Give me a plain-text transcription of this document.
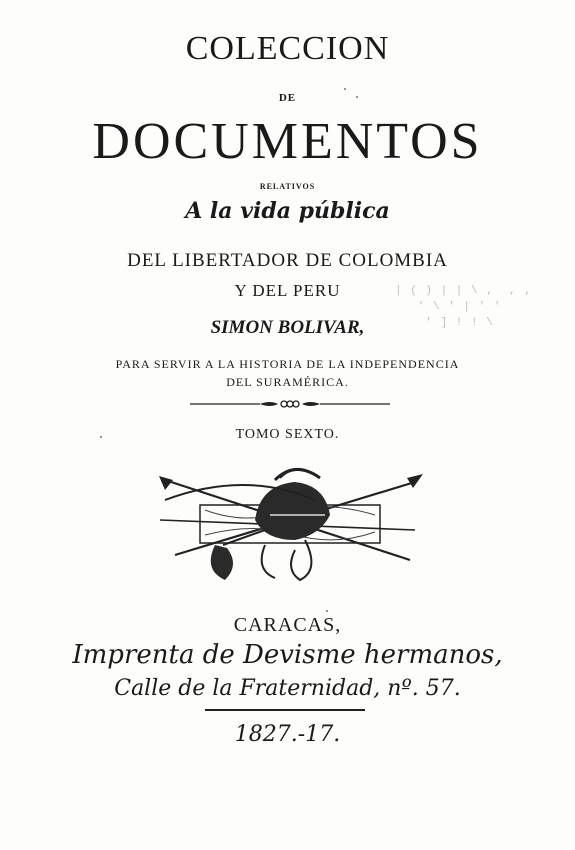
COLECCION
DE
DOCUMENTOS
RELATIVOS
A la vida pública
DEL LIBERTADOR DE COLOMBIA
Y DEL PERU
SIMON BOLIVAR,
PARA SERVIR A LA HISTORIA DE LA INDEPENDENCIA
DEL SURAMÉRICA.
TOMO SEXTO.
CARACAS,
Imprenta de Devisme hermanos,
Calle de la Fraternidad, nº. 57.
1827.-17.
| ( ) | | \ ,  , ,
' \ ' | ' '
' ] ! ! \
